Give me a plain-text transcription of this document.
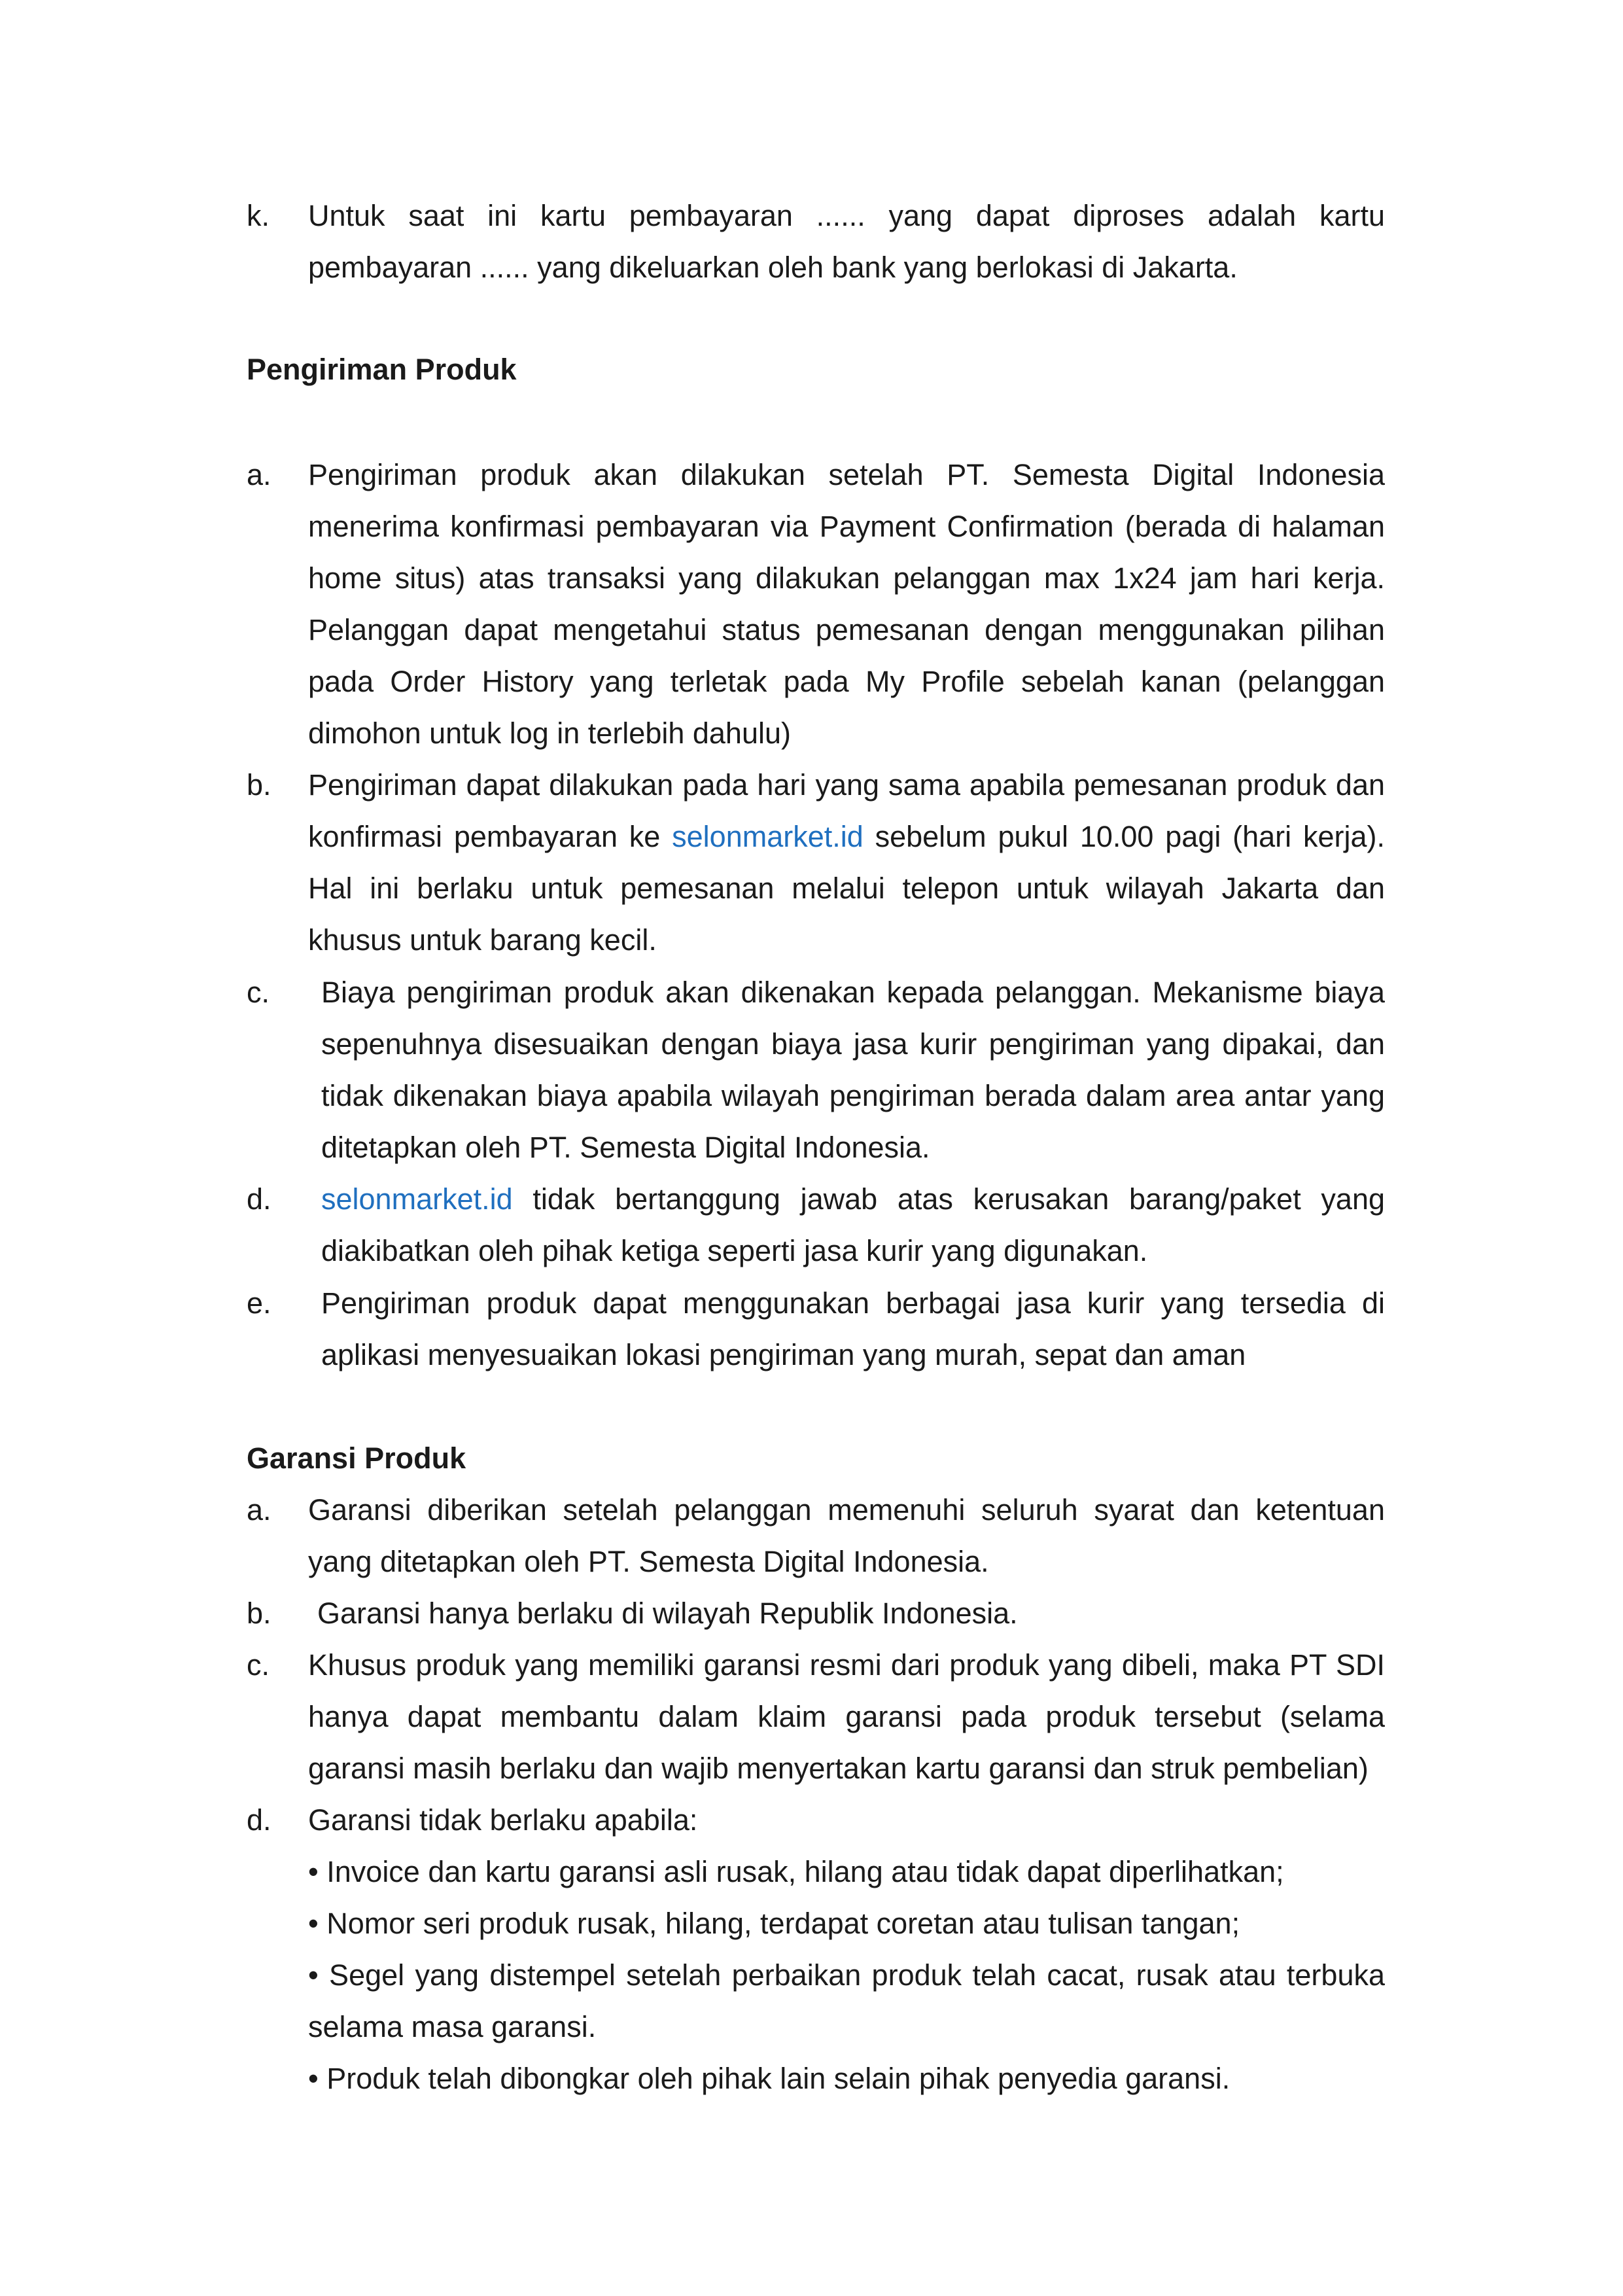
k.	Untuk saat ini kartu pembayaran ...... yang dapat diproses adalah kartu pembayaran ...... yang dikeluarkan oleh bank yang berlokasi di Jakarta.
Pengiriman Produk
a.	Pengiriman produk akan dilakukan setelah PT. Semesta Digital Indonesia menerima konfirmasi pembayaran via Payment Confirmation (berada di halaman home situs) atas transaksi yang dilakukan pelanggan max 1x24 jam hari kerja. Pelanggan dapat mengetahui status pemesanan dengan menggunakan pilihan pada Order History yang terletak pada My Profile sebelah kanan (pelanggan dimohon untuk log in terlebih dahulu)
b.	Pengiriman dapat dilakukan pada hari yang sama apabila pemesanan produk dan konfirmasi pembayaran ke selonmarket.id sebelum pukul 10.00 pagi (hari kerja). Hal ini berlaku untuk pemesanan melalui telepon untuk wilayah Jakarta dan khusus untuk barang kecil.
c.	Biaya pengiriman produk akan dikenakan kepada pelanggan. Mekanisme biaya sepenuhnya disesuaikan dengan biaya jasa kurir pengiriman yang dipakai, dan tidak dikenakan biaya apabila wilayah pengiriman berada dalam area antar yang ditetapkan oleh PT. Semesta Digital Indonesia.
d.	selonmarket.id tidak bertanggung jawab atas kerusakan barang/paket yang diakibatkan oleh pihak ketiga seperti jasa kurir yang digunakan.
e.	Pengiriman produk dapat menggunakan berbagai jasa kurir yang tersedia di aplikasi menyesuaikan lokasi pengiriman yang murah, sepat dan aman
Garansi Produk
a.	Garansi diberikan setelah pelanggan memenuhi seluruh syarat dan ketentuan yang ditetapkan oleh PT. Semesta Digital Indonesia.
b.	Garansi hanya berlaku di wilayah Republik Indonesia.
c.	Khusus produk yang memiliki garansi resmi dari produk yang dibeli, maka PT SDI hanya dapat membantu dalam klaim garansi pada produk tersebut (selama garansi masih berlaku dan wajib menyertakan kartu garansi dan struk pembelian)
d.	Garansi tidak berlaku apabila:
• Invoice dan kartu garansi asli rusak, hilang atau tidak dapat diperlihatkan;
• Nomor seri produk rusak, hilang, terdapat coretan atau tulisan tangan;
• Segel yang distempel setelah perbaikan produk telah cacat, rusak atau terbuka selama masa garansi.
• Produk telah dibongkar oleh pihak lain selain pihak penyedia garansi.
